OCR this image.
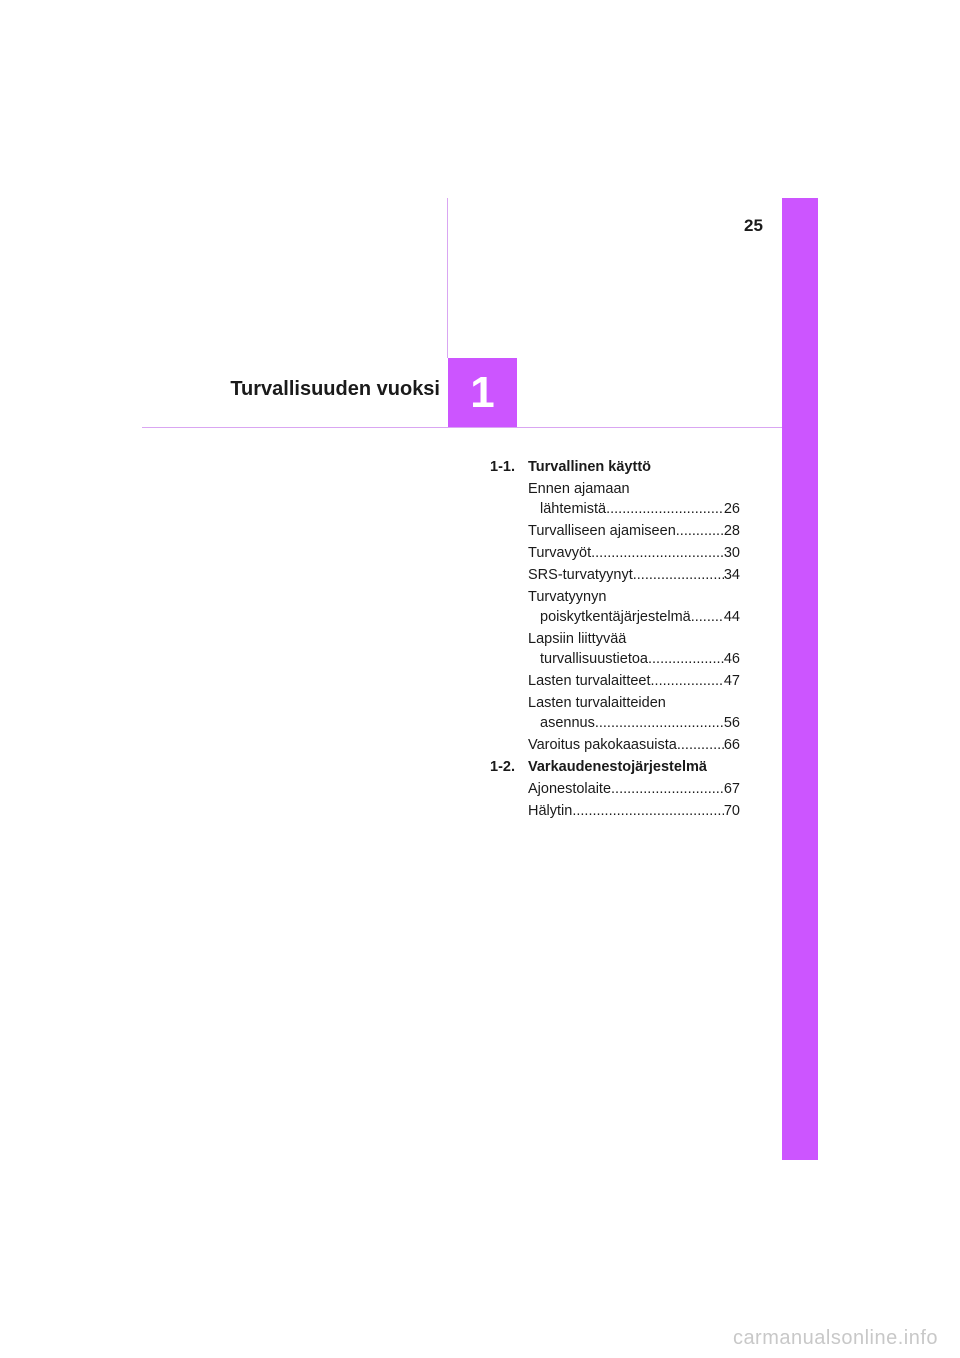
25
Turvallisuuden vuoksi 1
1-1. Turvallinen käyttö
Ennen ajamaan
lähtemistä .....	26
Turvalliseen ajamiseen .....	28
Turvavyöt .....	30
SRS-turvatyynyt .....	34
Turvatyynyn
poiskytkentäjärjestelmä ..... 44
Lapsiin liittyvää
turvallisuustietoa .....	46
Lasten turvalaitteet .....	47
Lasten turvalaitteiden
asennus .....	56
Varoitus pakokaasuista .....	66
1-2. Varkaudenestojärjestelmä
Ajonestolaite .....	67
Hälytin .....	70
carmanualsonline.info
